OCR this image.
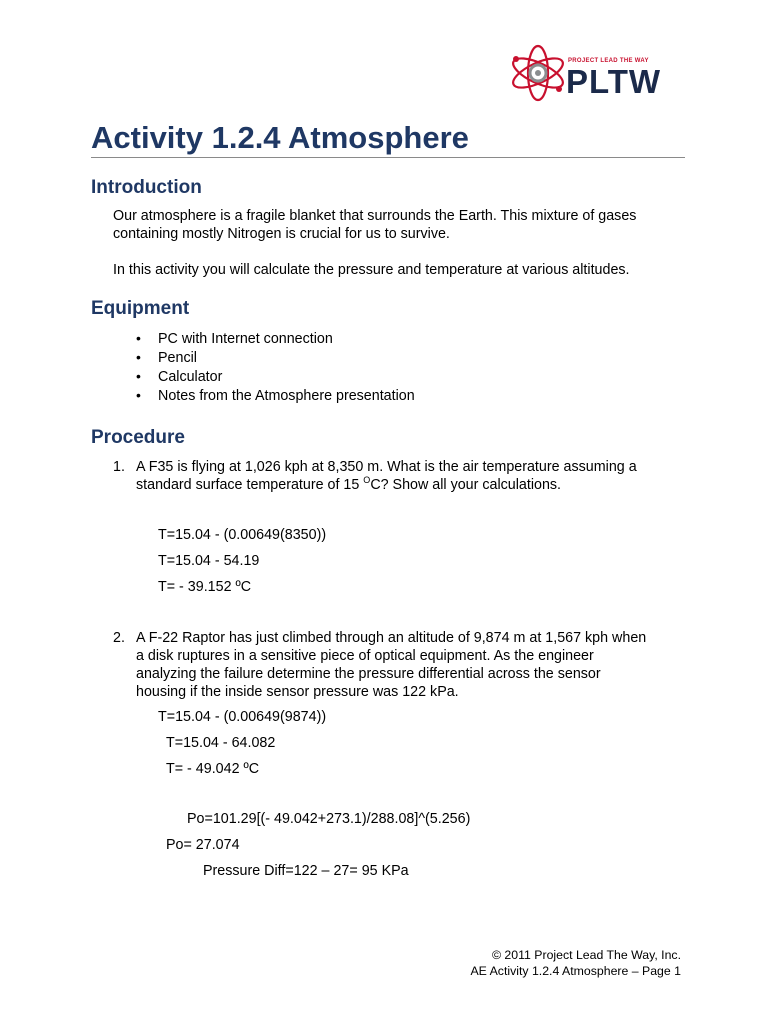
PROJECT LEAD THE WAY
PLTW
Activity 1.2.4 Atmosphere
Introduction
Our atmosphere is a fragile blanket that surrounds the Earth. This mixture of gases
containing mostly Nitrogen is crucial for us to survive.
In this activity you will calculate the pressure and temperature at various altitudes.
Equipment
• PC with Internet connection
• Pencil
• Calculator
• Notes from the Atmosphere presentation
Procedure
1. A F35 is flying at 1,026 kph at 8,350 m. What is the air temperature assuming a
standard surface temperature of 15 $^O$C? Show all your calculations.
T=15.04 - (0.00649(8350))
T=15.04 - 54.19
T= - 39.152 ºC
2. A F-22 Raptor has just climbed through an altitude of 9,874 m at 1,567 kph when
a disk ruptures in a sensitive piece of optical equipment. As the engineer
analyzing the failure determine the pressure differential across the sensor
housing if the inside sensor pressure was 122 kPa.
T=15.04 - (0.00649(9874))
T=15.04 - 64.082
T= - 49.042 ºC
Po=101.29[(- 49.042+273.1)/288.08]^(5.256)
Po= 27.074
Pressure Diff=122 – 27= 95 KPa
© 2011 Project Lead The Way, Inc.
AE Activity 1.2.4 Atmosphere – Page 1
